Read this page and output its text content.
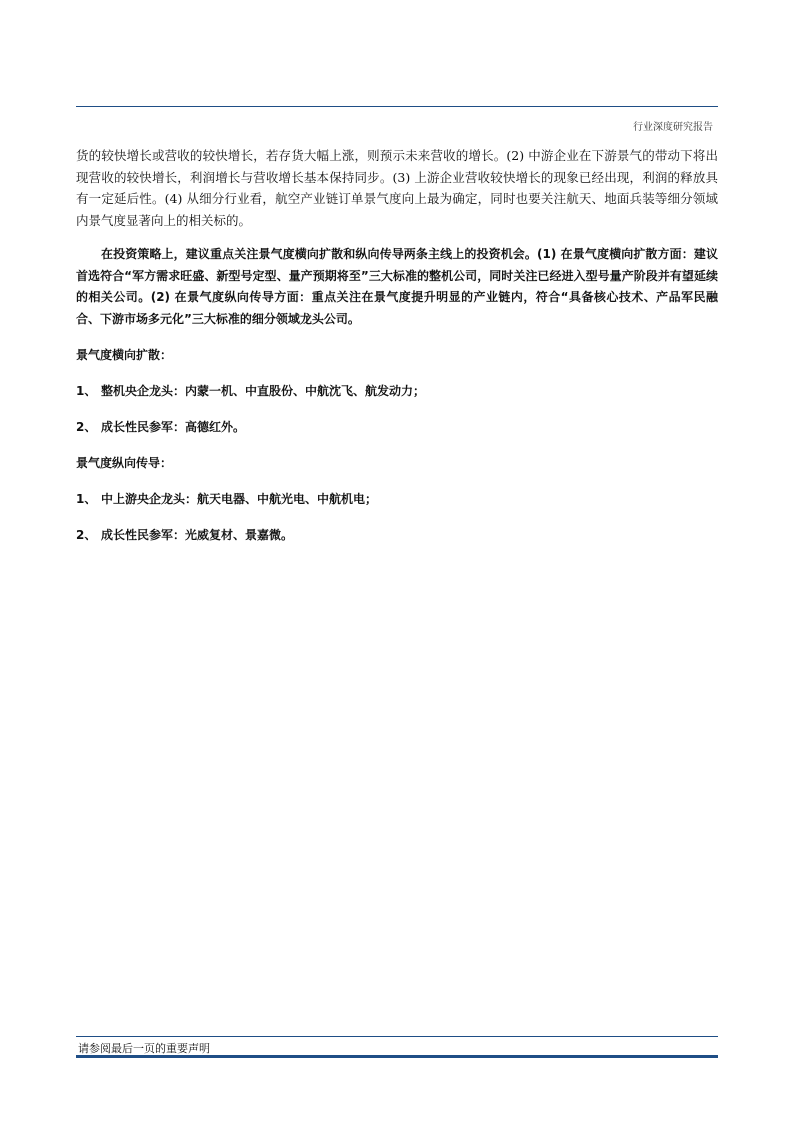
行业深度研究报告

货的较快增长或营收的较快增长，若存货大幅上涨，则预示未来营收的增长。(2) 中游企业在下游景气的带动下将出现营收的较快增长，利润增长与营收增长基本保持同步。(3) 上游企业营收较快增长的现象已经出现，利润的释放具有一定延后性。(4) 从细分行业看，航空产业链订单景气度向上最为确定，同时也要关注航天、地面兵装等细分领域内景气度显著向上的相关标的。

在投资策略上，建议重点关注景气度横向扩散和纵向传导两条主线上的投资机会。(1) 在景气度横向扩散方面：建议首选符合“军方需求旺盛、新型号定型、量产预期将至”三大标准的整机公司，同时关注已经进入型号量产阶段并有望延续的相关公司。(2) 在景气度纵向传导方面：重点关注在景气度提升明显的产业链内，符合“具备核心技术、产品军民融合、下游市场多元化”三大标准的细分领域龙头公司。

景气度横向扩散：

1、 整机央企龙头：内蒙一机、中直股份、中航沈飞、航发动力；

2、 成长性民参军：高德红外。

景气度纵向传导：

1、 中上游央企龙头：航天电器、中航光电、中航机电；

2、 成长性民参军：光威复材、景嘉微。

请参阅最后一页的重要声明
